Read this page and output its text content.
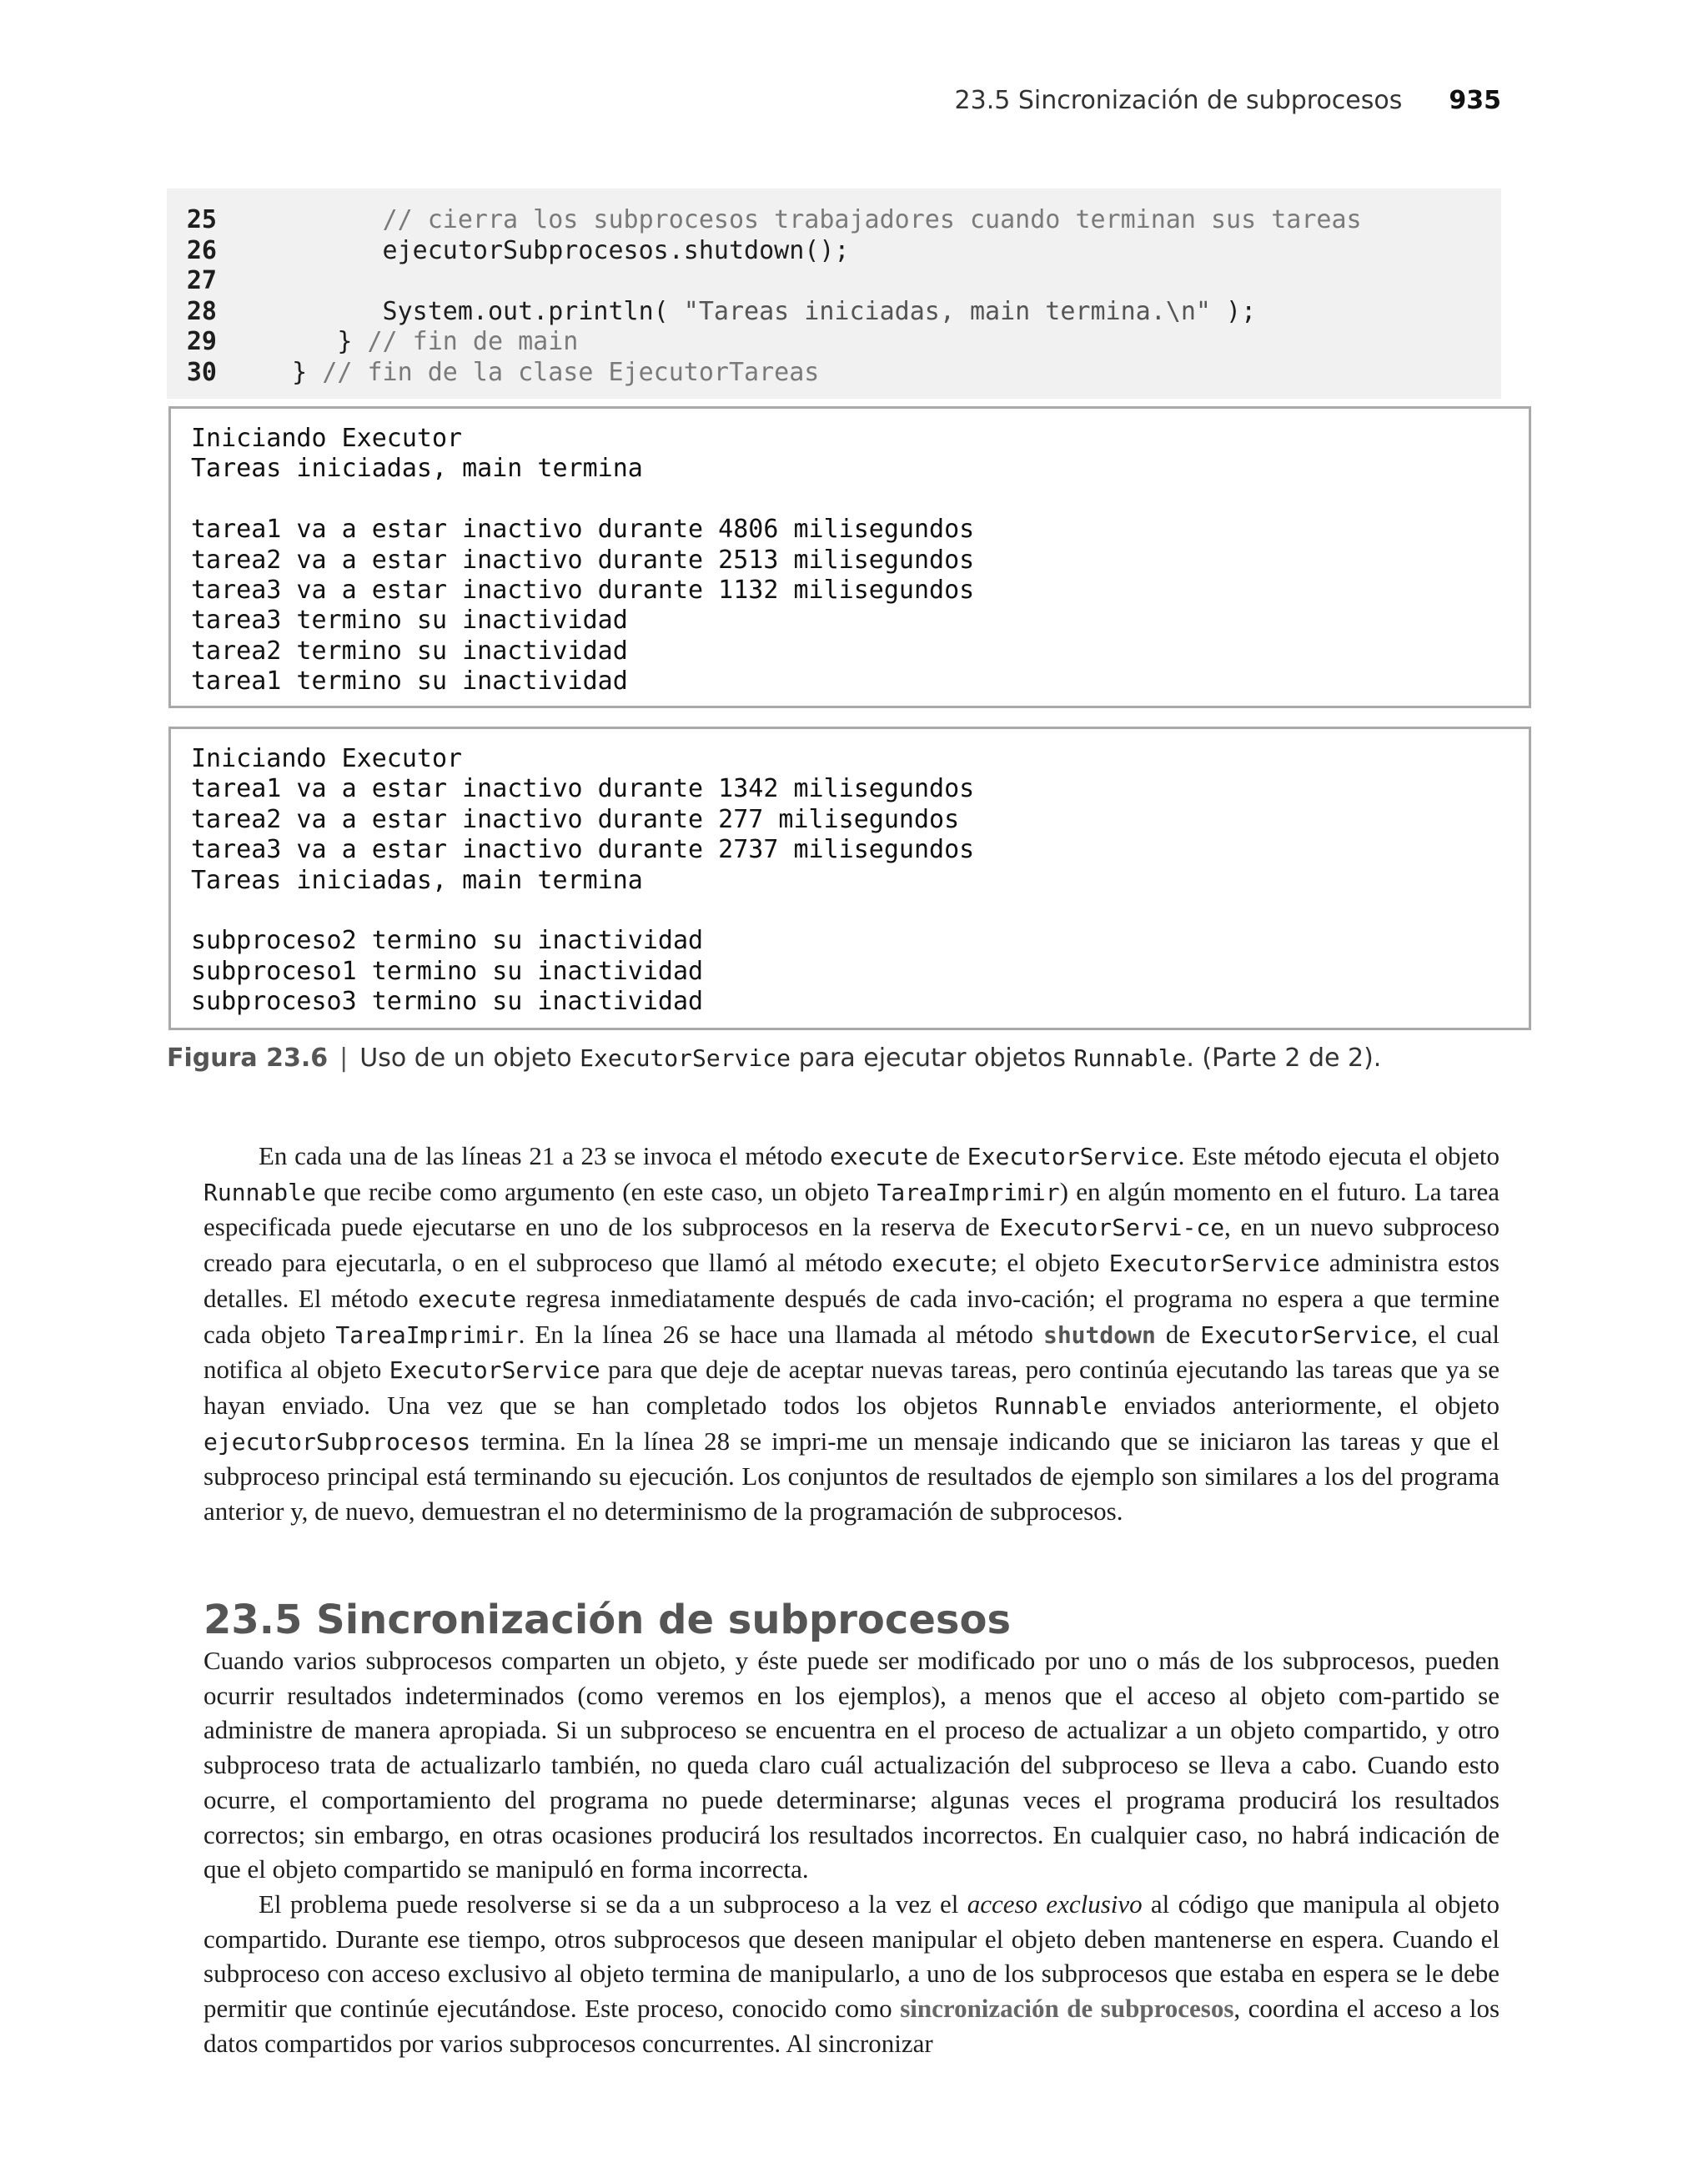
23.5 Sincronización de subprocesos 935
25	// cierra los subprocesos trabajadores cuando terminan sus tareas
26 ejecutorSubprocesos.shutdown();
27
28 System.out.println( "Tareas iniciadas, main termina.\n" );
29 } // fin de main
30 } // fin de la clase EjecutorTareas
Iniciando Executor
Tareas iniciadas, main termina
tarea1 va a estar inactivo durante 4806 milisegundos
tarea2 va a estar inactivo durante 2513 milisegundos
tarea3 va a estar inactivo durante 1132 milisegundos
tarea3 termino su inactividad
tarea2 termino su inactividad
tarea1 termino su inactividad
Iniciando Executor
tarea1 va a estar inactivo durante 1342 milisegundos
tarea2 va a estar inactivo durante 277 milisegundos
tarea3 va a estar inactivo durante 2737 milisegundos
Tareas iniciadas, main termina
subproceso2 termino su inactividad
subproceso1 termino su inactividad
subproceso3 termino su inactividad
Figura 23.6 | Uso de un objeto ExecutorService para ejecutar objetos Runnable. (Parte 2 de 2).
En cada una de las líneas 21 a 23 se invoca el método execute de ExecutorService. Este método ejecuta el objeto Runnable que recibe como argumento (en este caso, un objeto TareaImprimir) en algún momento en el futuro. La tarea especificada puede ejecutarse en uno de los subprocesos en la reserva de ExecutorServi-ce, en un nuevo subproceso creado para ejecutarla, o en el subproceso que llamó al método execute; el objeto ExecutorService administra estos detalles. El método execute regresa inmediatamente después de cada invo-cación; el programa no espera a que termine cada objeto TareaImprimir. En la línea 26 se hace una llamada al método shutdown de ExecutorService, el cual notifica al objeto ExecutorService para que deje de aceptar nuevas tareas, pero continúa ejecutando las tareas que ya se hayan enviado. Una vez que se han completado todos los objetos Runnable enviados anteriormente, el objeto ejecutorSubprocesos termina. En la línea 28 se impri-me un mensaje indicando que se iniciaron las tareas y que el subproceso principal está terminando su ejecución. Los conjuntos de resultados de ejemplo son similares a los del programa anterior y, de nuevo, demuestran el no determinismo de la programación de subprocesos.
23.5 Sincronización de subprocesos
Cuando varios subprocesos comparten un objeto, y éste puede ser modificado por uno o más de los subprocesos, pueden ocurrir resultados indeterminados (como veremos en los ejemplos), a menos que el acceso al objeto com-partido se administre de manera apropiada. Si un subproceso se encuentra en el proceso de actualizar a un objeto compartido, y otro subproceso trata de actualizarlo también, no queda claro cuál actualización del subproceso se lleva a cabo. Cuando esto ocurre, el comportamiento del programa no puede determinarse; algunas veces el programa producirá los resultados correctos; sin embargo, en otras ocasiones producirá los resultados incorrectos. En cualquier caso, no habrá indicación de que el objeto compartido se manipuló en forma incorrecta.
El problema puede resolverse si se da a un subproceso a la vez el acceso exclusivo al código que manipula al objeto compartido. Durante ese tiempo, otros subprocesos que deseen manipular el objeto deben mantenerse en espera. Cuando el subproceso con acceso exclusivo al objeto termina de manipularlo, a uno de los subprocesos que estaba en espera se le debe permitir que continúe ejecutándose. Este proceso, conocido como sincronización de subprocesos, coordina el acceso a los datos compartidos por varios subprocesos concurrentes. Al sincronizar
